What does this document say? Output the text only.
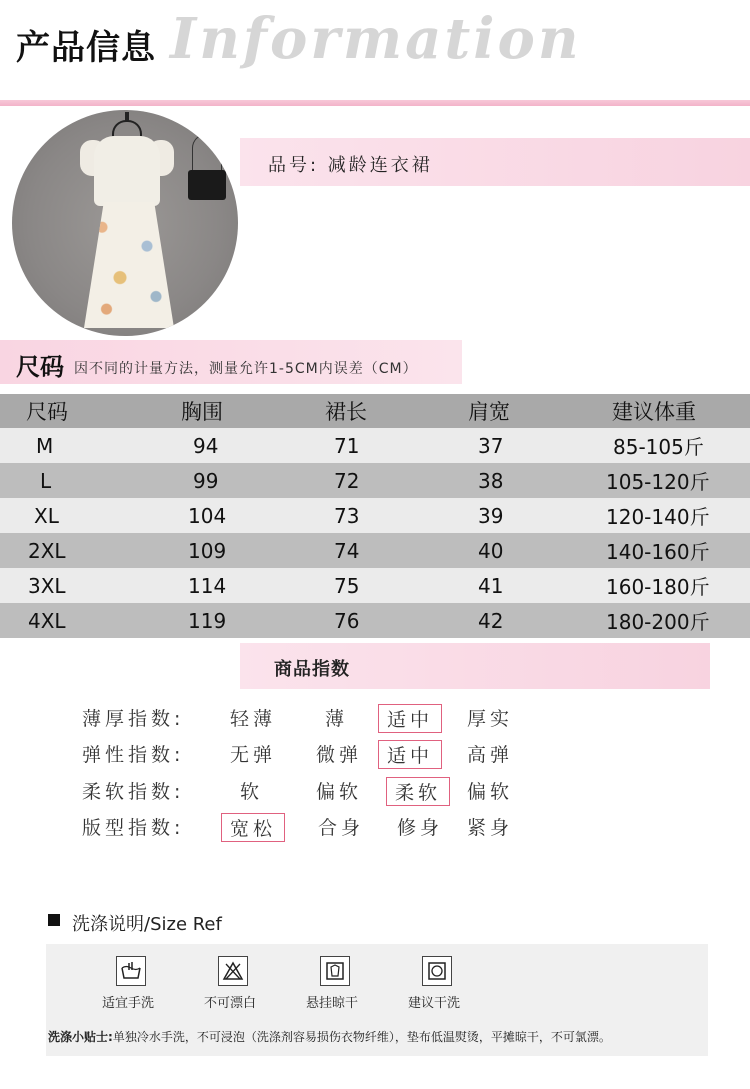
Information
产品信息
品号: 减龄连衣裙
尺码 因不同的计量方法，测量允许1-5CM内误差（CM）
尺码	胸围	裙长	肩宽	建议体重
M	94	71	37	85-105斤
L	99	72	38	105-120斤
XL	104	73	39	120-140斤
2XL	109	74	40	140-160斤
3XL	114	75	41	160-180斤
4XL	119	76	42	180-200斤
商品指数
薄厚指数: 轻薄	薄	适中	厚实
弹性指数: 无弹 微弹	适中	高弹
柔软指数:	软	偏软	柔软	偏软
版型指数:	宽松	合身 修身 紧身
洗涤说明/Size Ref
适宜手洗	不可漂白	悬挂晾干	建议干洗
洗涤小贴士:单独冷水手洗，不可浸泡（洗涤剂容易损伤衣物纤维），垫布低温熨烫，平摊晾干，不可氯漂。
